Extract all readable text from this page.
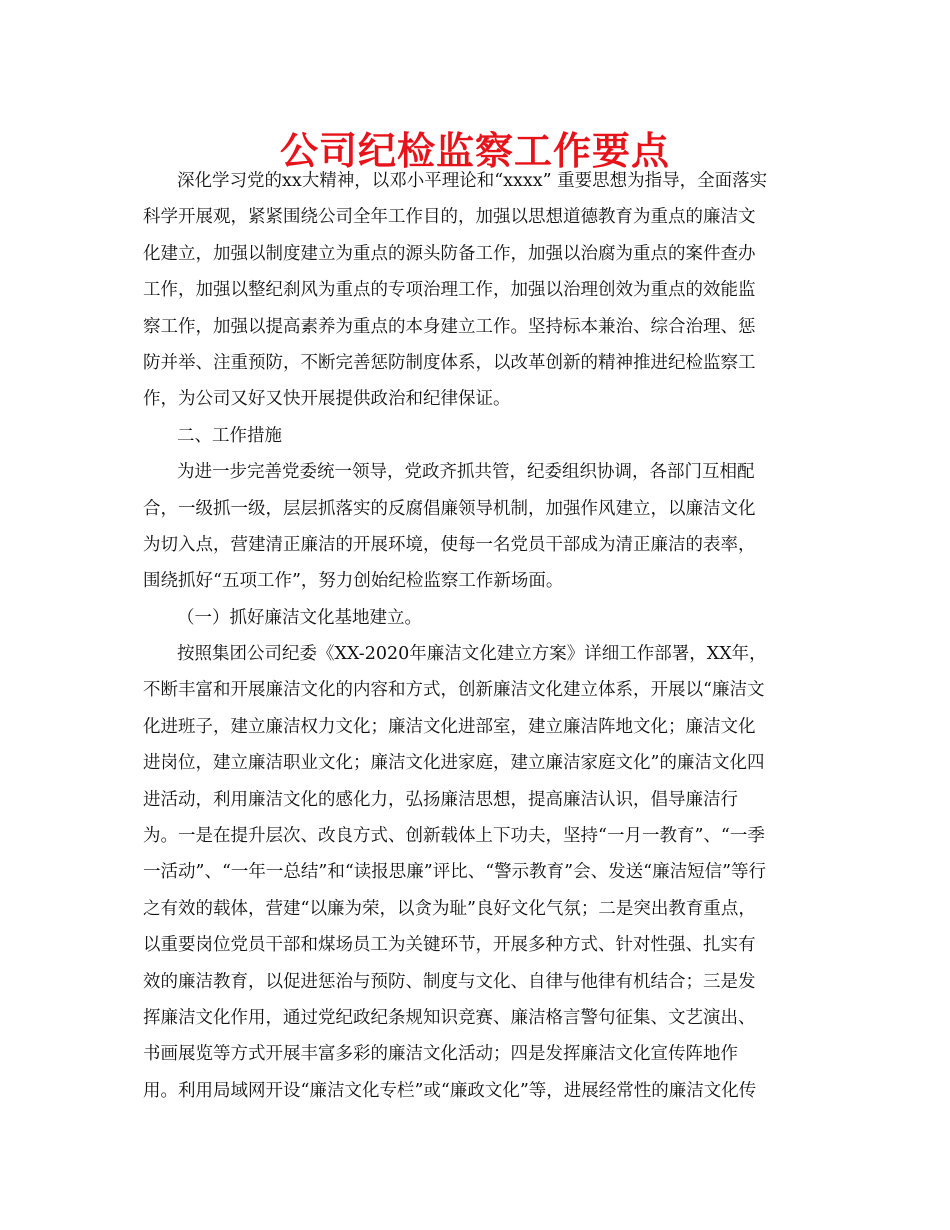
公司纪检监察工作要点
深化学习党的xx大精神，以邓小平理论和“xxxx” 重要思想为指导，全面落实
科学开展观，紧紧围绕公司全年工作目的，加强以思想道德教育为重点的廉洁文
化建立，加强以制度建立为重点的源头防备工作，加强以治腐为重点的案件查办
工作，加强以整纪刹风为重点的专项治理工作，加强以治理创效为重点的效能监
察工作，加强以提高素养为重点的本身建立工作。坚持标本兼治、综合治理、惩
防并举、注重预防，不断完善惩防制度体系，以改革创新的精神推进纪检监察工
作，为公司又好又快开展提供政治和纪律保证。
二、工作措施
为进一步完善党委统一领导，党政齐抓共管，纪委组织协调，各部门互相配
合，一级抓一级，层层抓落实的反腐倡廉领导机制，加强作风建立，以廉洁文化
为切入点，营建清正廉洁的开展环境，使每一名党员干部成为清正廉洁的表率，
围绕抓好“五项工作”，努力创始纪检监察工作新场面。
（一）抓好廉洁文化基地建立。
按照集团公司纪委《XX-2020年廉洁文化建立方案》详细工作部署，XX年，
不断丰富和开展廉洁文化的内容和方式，创新廉洁文化建立体系，开展以“廉洁文
化进班子，建立廉洁权力文化；廉洁文化进部室，建立廉洁阵地文化；廉洁文化
进岗位，建立廉洁职业文化；廉洁文化进家庭，建立廉洁家庭文化”的廉洁文化四
进活动，利用廉洁文化的感化力，弘扬廉洁思想，提高廉洁认识，倡导廉洁行
为。一是在提升层次、改良方式、创新载体上下功夫，坚持“一月一教育”、“一季
一活动”、“一年一总结”和“读报思廉”评比、“警示教育”会、发送“廉洁短信”等行
之有效的载体，营建“以廉为荣，以贪为耻”良好文化气氛；二是突出教育重点，
以重要岗位党员干部和煤场员工为关键环节，开展多种方式、针对性强、扎实有
效的廉洁教育，以促进惩治与预防、制度与文化、自律与他律有机结合；三是发
挥廉洁文化作用，通过党纪政纪条规知识竞赛、廉洁格言警句征集、文艺演出、
书画展览等方式开展丰富多彩的廉洁文化活动；四是发挥廉洁文化宣传阵地作
用。利用局域网开设“廉洁文化专栏”或“廉政文化”等，进展经常性的廉洁文化传
